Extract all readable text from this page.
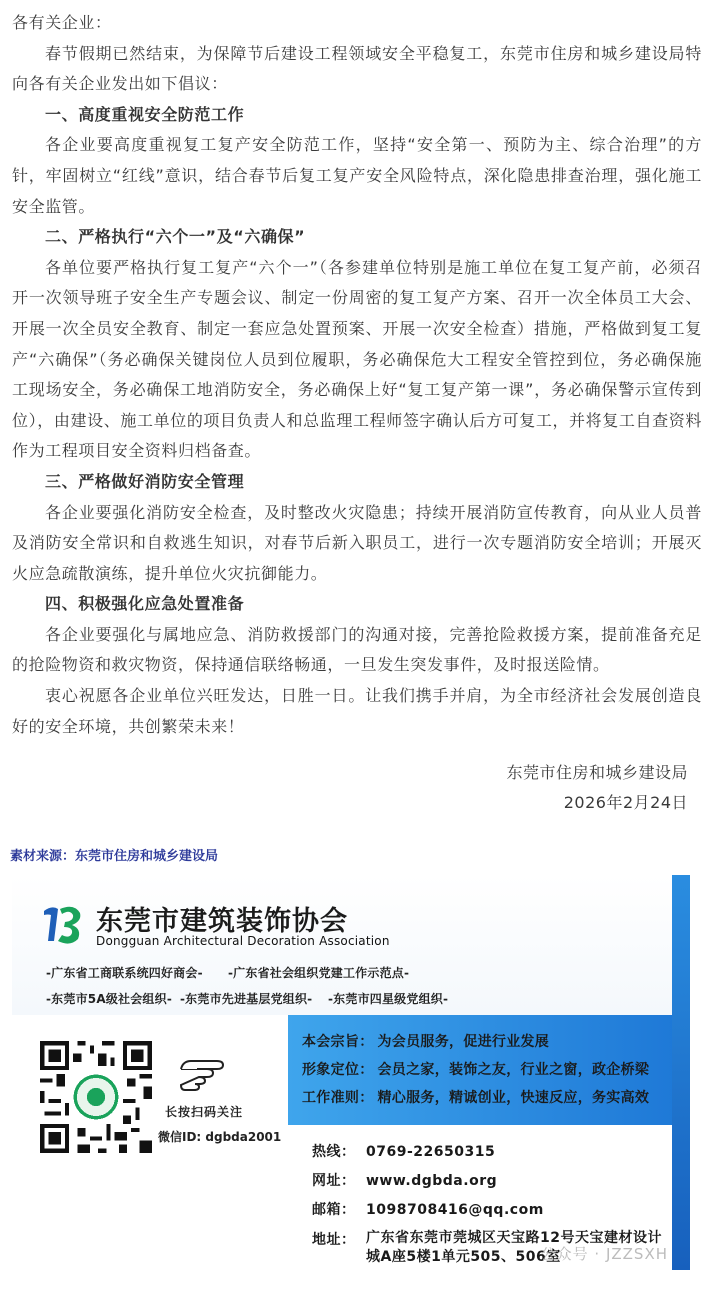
各有关企业：

春节假期已然结束，为保障节后建设工程领域安全平稳复工，东莞市住房和城乡建设局特向各有关企业发出如下倡议：

一、高度重视安全防范工作

各企业要高度重视复工复产安全防范工作，坚持“安全第一、预防为主、综合治理”的方针，牢固树立“红线”意识，结合春节后复工复产安全风险特点，深化隐患排查治理，强化施工安全监管。

二、严格执行“六个一”及“六确保”

各单位要严格执行复工复产“六个一”（各参建单位特别是施工单位在复工复产前，必须召开一次领导班子安全生产专题会议、制定一份周密的复工复产方案、召开一次全体员工大会、开展一次全员安全教育、制定一套应急处置预案、开展一次安全检查）措施，严格做到复工复产“六确保”（务必确保关键岗位人员到位履职，务必确保危大工程安全管控到位，务必确保施工现场安全，务必确保工地消防安全，务必确保上好“复工复产第一课”，务必确保警示宣传到位），由建设、施工单位的项目负责人和总监理工程师签字确认后方可复工，并将复工自查资料作为工程项目安全资料归档备查。

三、严格做好消防安全管理

各企业要强化消防安全检查，及时整改火灾隐患；持续开展消防宣传教育，向从业人员普及消防安全常识和自救逃生知识，对春节后新入职员工，进行一次专题消防安全培训；开展灭火应急疏散演练，提升单位火灾抗御能力。

四、积极强化应急处置准备

各企业要强化与属地应急、消防救援部门的沟通对接，完善抢险救援方案，提前准备充足的抢险物资和救灾物资，保持通信联络畅通，一旦发生突发事件，及时报送险情。

衷心祝愿各企业单位兴旺发达，日胜一日。让我们携手并肩，为全市经济社会发展创造良好的安全环境，共创繁荣未来！

东莞市住房和城乡建设局
2026年2月24日
素材来源：东莞市住房和城乡建设局
东莞市建筑装饰协会
Dongguan Architectural Decoration Association
-广东省工商联系统四好商会- -广东省社会组织党建工作示范点-
-东莞市5A级社会组织- -东莞市先进基层党组织- -东莞市四星级党组织-
长按扫码关注
微信ID: dgbda2001
本会宗旨： 为会员服务，促进行业发展
形象定位： 会员之家，装饰之友，行业之窗，政企桥梁
工作准则： 精心服务，精诚创业，快速反应，务实高效
热线： 0769-22650315
网址： www.dgbda.org
邮箱： 1098708416@qq.com
地址： 广东省东莞市莞城区天宝路12号天宝建材设计城A座5楼1单元505、506室
公众号 · JZZSXH
